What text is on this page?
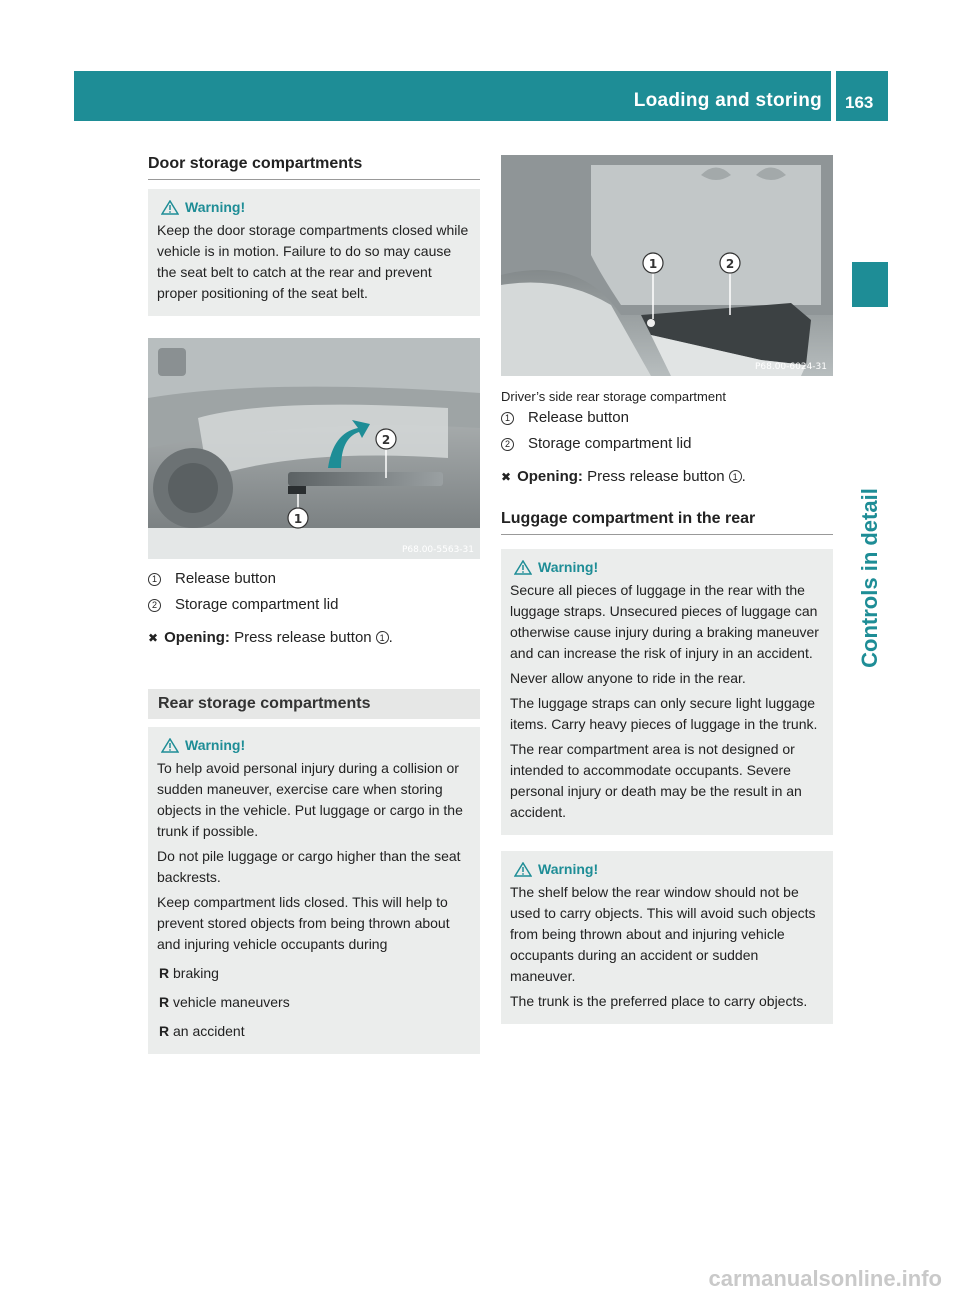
Loading and storing 163
Controls in detail
Door storage compartments
Warning!

Keep the door storage compartments closed while vehicle is in motion. Failure to do so may cause the seat belt to catch at the rear and prevent proper positioning of the seat belt.

2
1
P68.00-5563-31
1 Release button
2 Storage compartment lid
✖ Opening:
Press release button 1 .
Rear storage compartments
Warning!

To help avoid personal injury during a collision or sudden maneuver, exercise care when storing objects in the vehicle. Put luggage or cargo in the trunk if possible.

Do not pile luggage or cargo higher than the seat backrests.

Keep compartment lids closed. This will help to prevent stored objects from being thrown about and injuring vehicle occupants during

R braking
R vehicle maneuvers
R an accident
1	2
P68.00-6024-31
Driver’s side rear storage compartment
1 Release button
2 Storage compartment lid
✖ Opening:
Press release button 1 .
Luggage compartment in the rear
Warning!

Secure all pieces of luggage in the rear with the luggage straps. Unsecured pieces of luggage can otherwise cause injury during a braking maneuver and can increase the risk of injury in an accident.

Never allow anyone to ride in the rear.

The luggage straps can only secure light luggage items. Carry heavy pieces of luggage in the trunk.

The rear compartment area is not designed or intended to accommodate occupants. Severe personal injury or death may be the result in an accident.

Warning!

The shelf below the rear window should not be used to carry objects. This will avoid such objects from being thrown about and injuring vehicle occupants during an accident or sudden maneuver.

The trunk is the preferred place to carry objects.

carmanualsonline.info
